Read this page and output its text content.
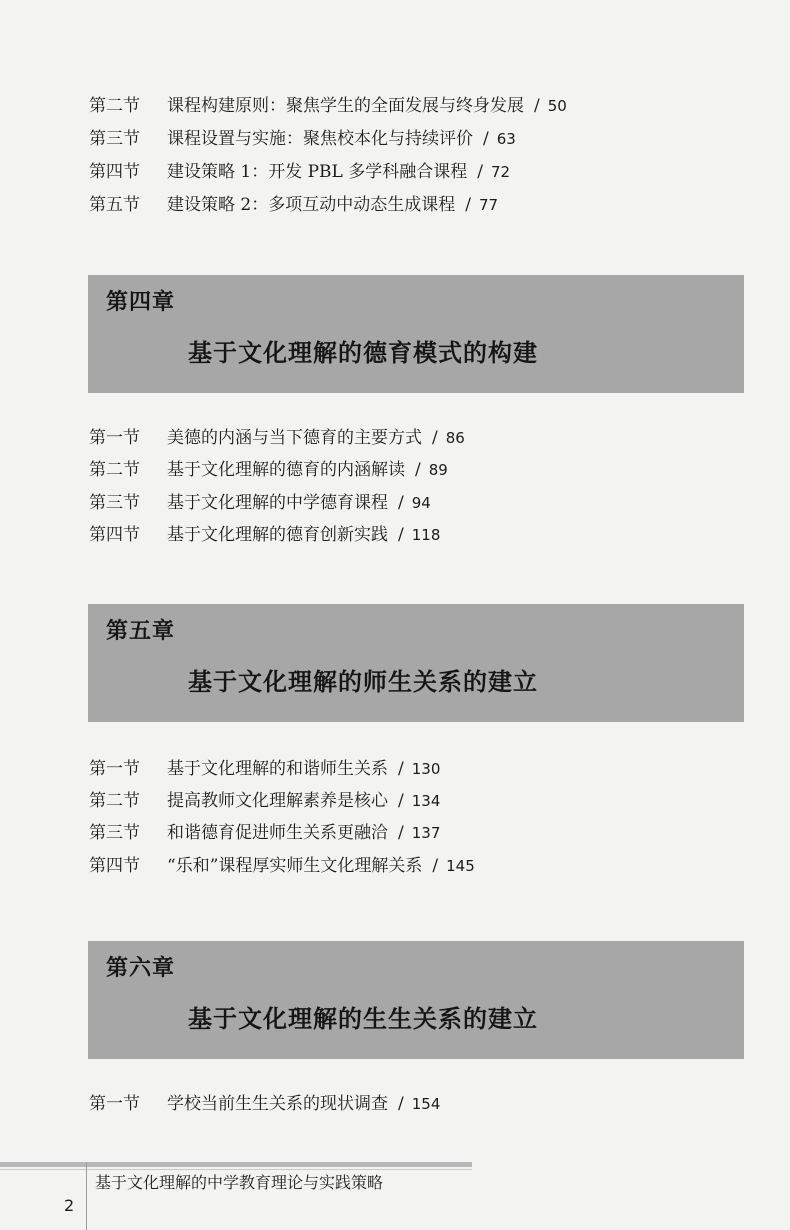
第二节 课程构建原则：聚焦学生的全面发展与终身发展 / 50
第三节 课程设置与实施：聚焦校本化与持续评价 / 63
第四节 建设策略 1：开发 PBL 多学科融合课程 / 72
第五节 建设策略 2：多项互动中动态生成课程 / 77
第四章
基于文化理解的德育模式的构建
第一节 美德的内涵与当下德育的主要方式 / 86
第二节 基于文化理解的德育的内涵解读 / 89
第三节 基于文化理解的中学德育课程 / 94
第四节 基于文化理解的德育创新实践 / 118
第五章
基于文化理解的师生关系的建立
第一节 基于文化理解的和谐师生关系 / 130
第二节 提高教师文化理解素养是核心 / 134
第三节 和谐德育促进师生关系更融洽 / 137
第四节 “乐和”课程厚实师生文化理解关系 / 145
第六章
基于文化理解的生生关系的建立
第一节 学校当前生生关系的现状调查 / 154
2
基于文化理解的中学教育理论与实践策略
